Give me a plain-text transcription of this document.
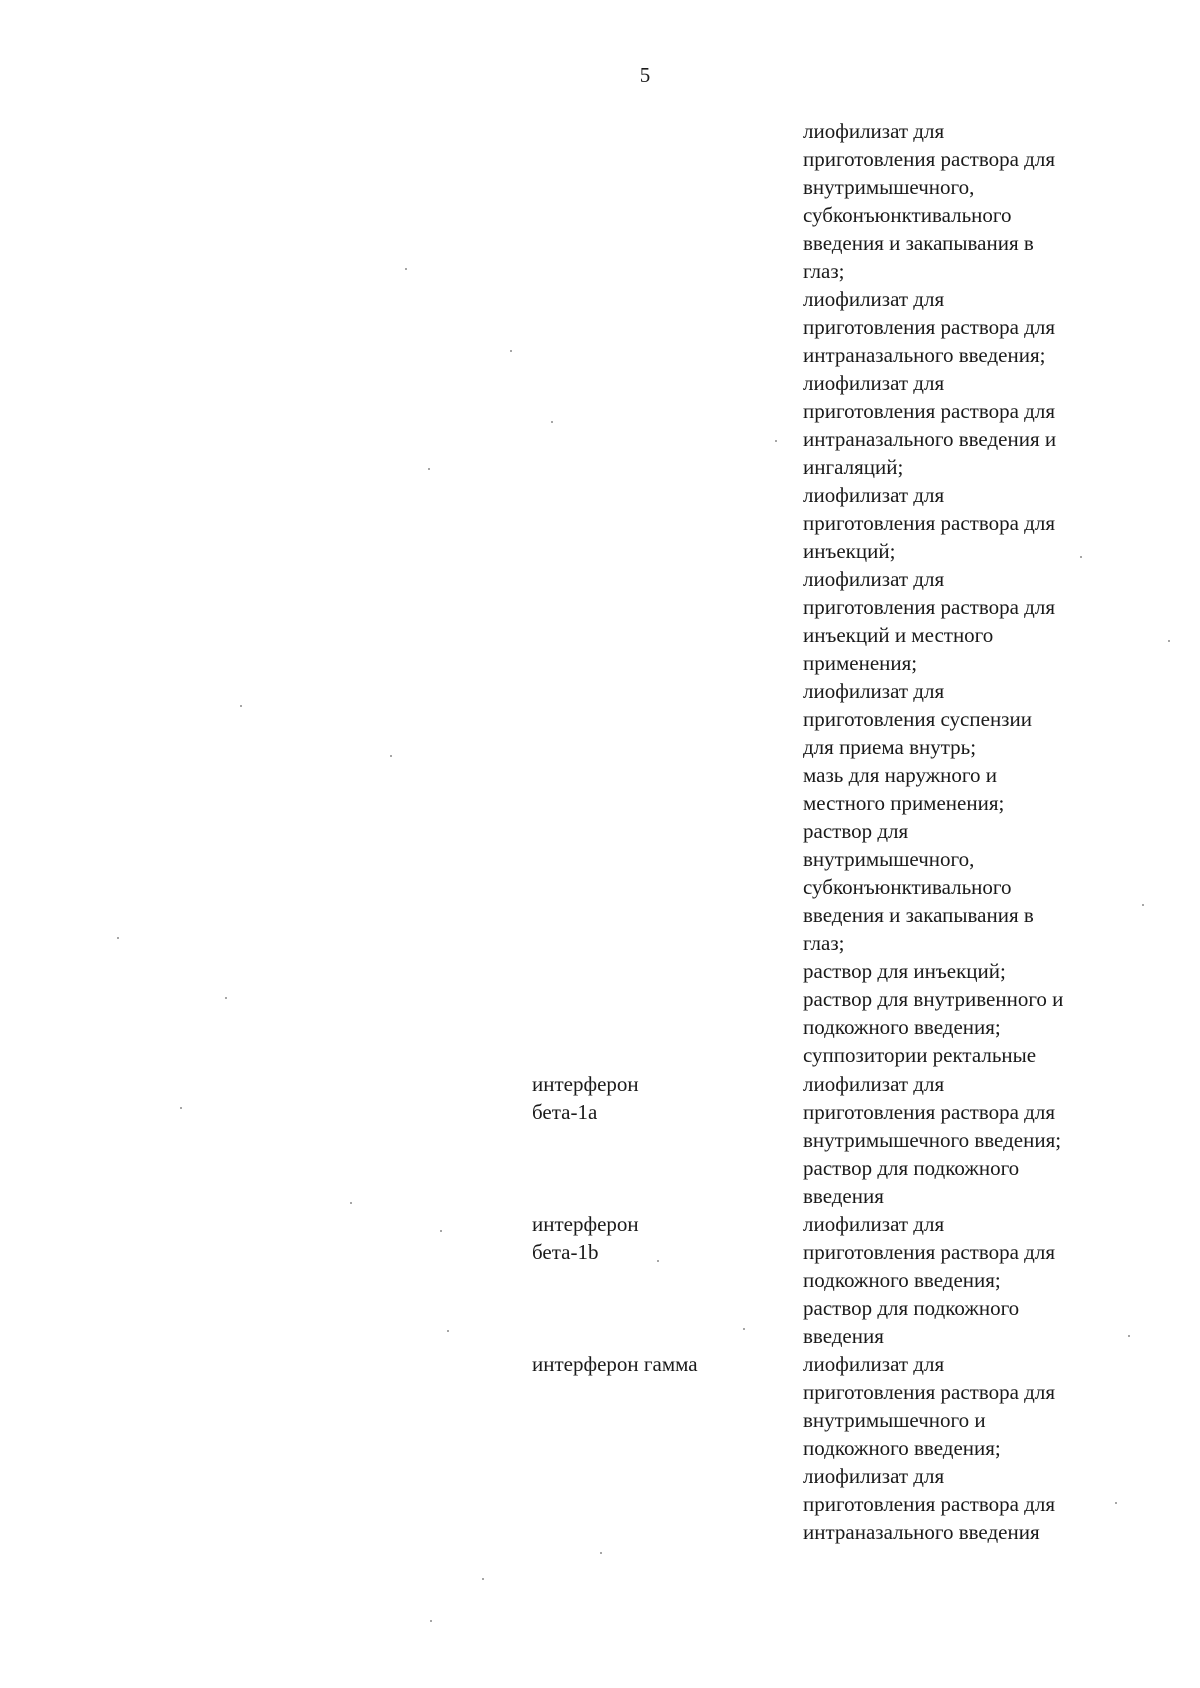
5
лиофилизат для
приготовления раствора для
внутримышечного,
субконъюнктивального
введения и закапывания в
глаз;
лиофилизат для
приготовления раствора для
интраназального введения;
лиофилизат для
приготовления раствора для
интраназального введения и
ингаляций;
лиофилизат для
приготовления раствора для
инъекций;
лиофилизат для
приготовления раствора для
инъекций и местного
применения;
лиофилизат для
приготовления суспензии
для приема внутрь;
мазь для наружного и
местного применения;
раствор для
внутримышечного,
субконъюнктивального
введения и закапывания в
глаз;
раствор для инъекций;
раствор для внутривенного и
подкожного введения;
суппозитории ректальные
интерферон
бета-1a
лиофилизат для
приготовления раствора для
внутримышечного введения;
раствор для подкожного
введения
интерферон
бета-1b
лиофилизат для
приготовления раствора для
подкожного введения;
раствор для подкожного
введения
интерферон гамма	лиофилизат для
приготовления раствора для
внутримышечного и
подкожного введения;
лиофилизат для
приготовления раствора для
интраназального введения
